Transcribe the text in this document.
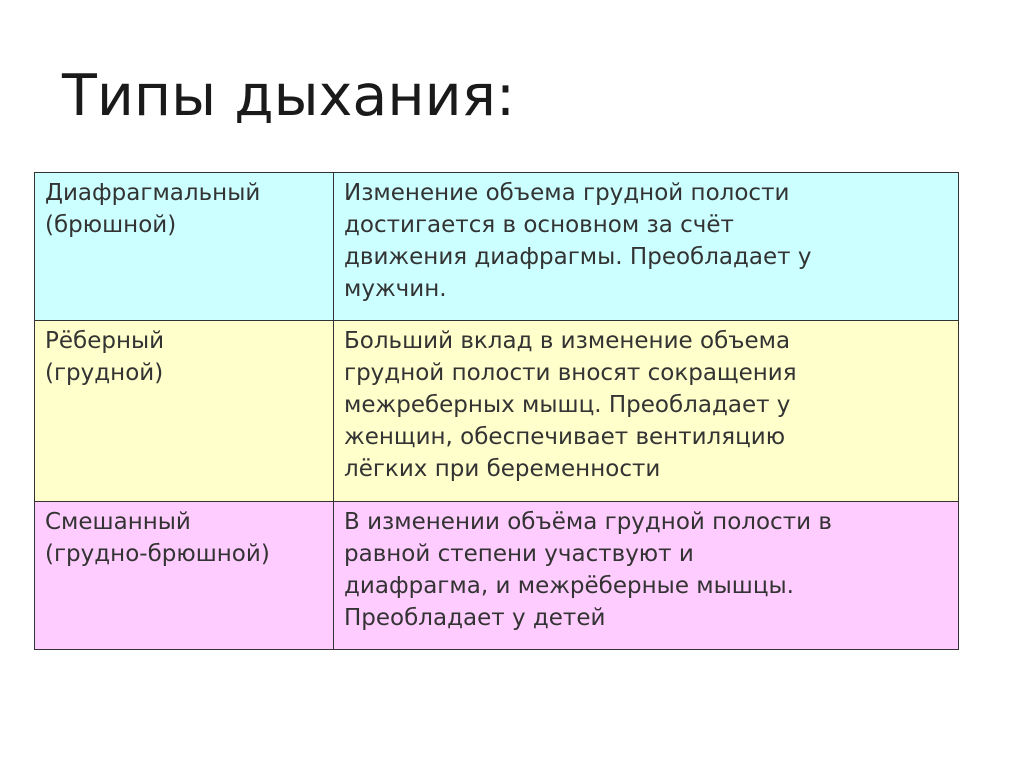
Типы дыхания:
Диафрагмальный
(брюшной)	Изменение объема грудной полости
достигается в основном за счёт
движения диафрагмы. Преобладает у
мужчин.

Рёберный
(грудной)	Больший вклад в изменение объема
грудной полости вносят сокращения
межреберных мышц. Преобладает у
женщин, обеспечивает вентиляцию
лёгких при беременности

Смешанный
(грудно-брюшной)	В изменении объёма грудной полости в
равной степени участвуют и
диафрагма, и межрёберные мышцы.
Преобладает у детей
